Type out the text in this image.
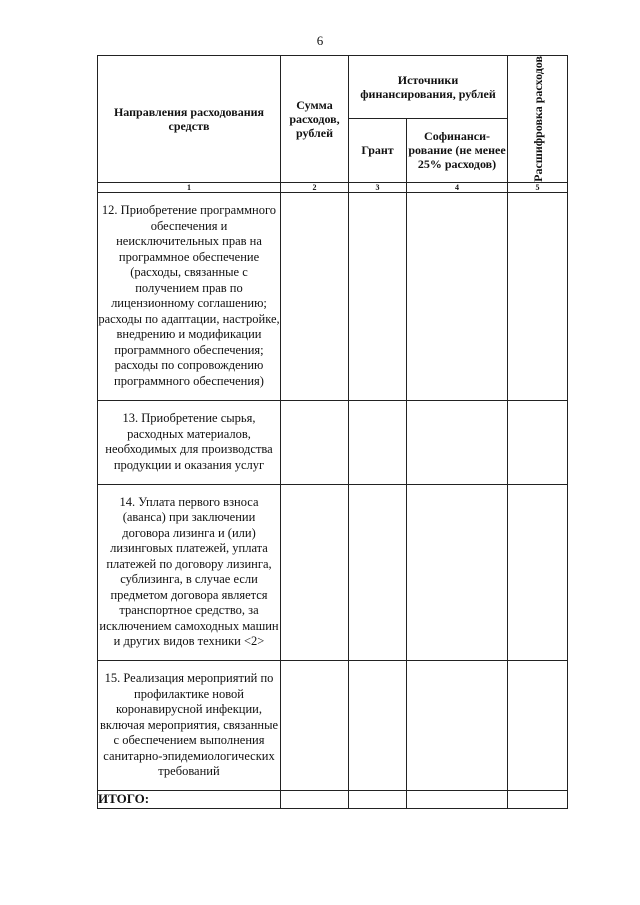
6
Направления расходования средств	Сумма расходов, рублей	Источники финансирования, рублей		Расшифровка расходов

		Грант	Софинанси-рование (не менее 25% расходов)	
1	2	3	4	5
12. Приобретение программного обеспечения и неисключительных прав на программное обеспечение (расходы, связанные с получением прав по лицензионному соглашению; расходы по адаптации, настройке, внедрению и модификации программного обеспечения; расходы по сопровождению программного обеспечения)				
13. Приобретение сырья, расходных материалов, необходимых для производства продукции и оказания услуг				
14. Уплата первого взноса (аванса) при заключении договора лизинга и (или) лизинговых платежей, уплата платежей по договору лизинга, сублизинга, в случае если предметом договора является транспортное средство, за исключением самоходных машин и других видов техники <2>				
15. Реализация мероприятий по профилактике новой коронавирусной инфекции, включая мероприятия, связанные с обеспечением выполнения санитарно-эпидемиологических требований				
ИТОГО:				
